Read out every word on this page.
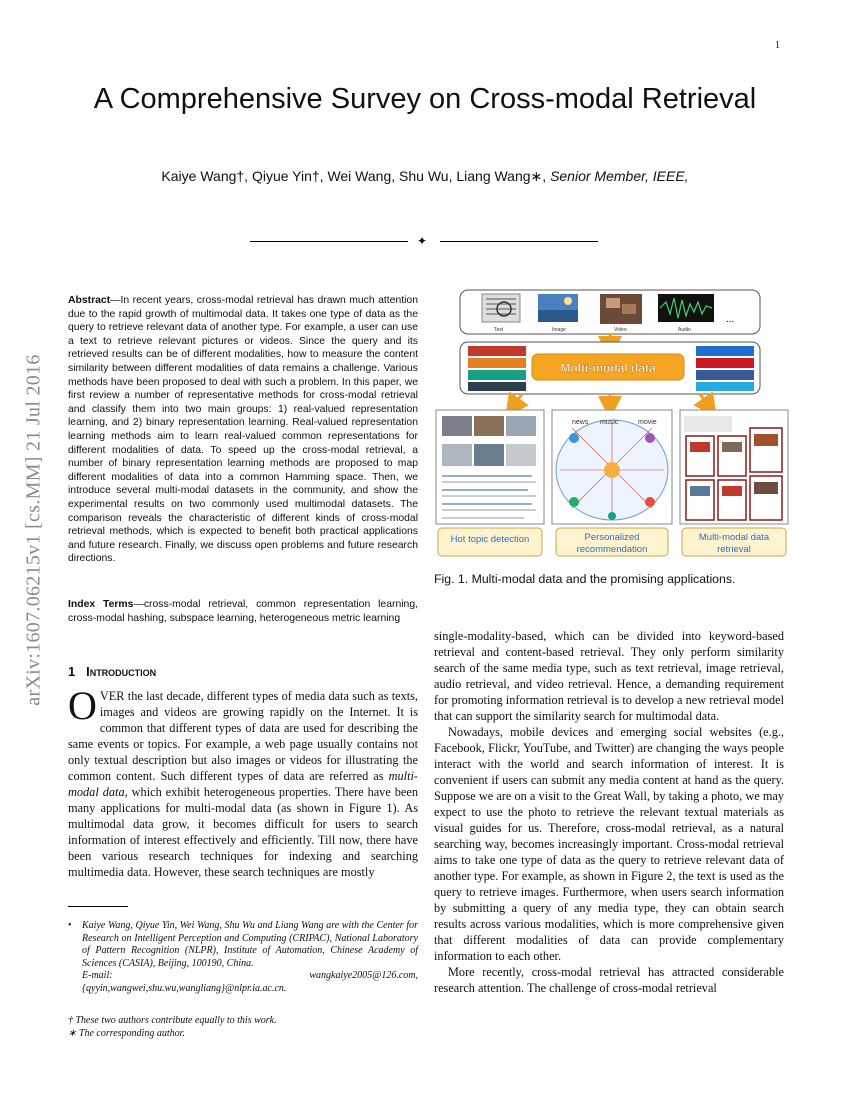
1
A Comprehensive Survey on Cross-modal Retrieval
Kaiye Wang†, Qiyue Yin†, Wei Wang, Shu Wu, Liang Wang∗, Senior Member, IEEE,
✦
arXiv:1607.06215v1 [cs.MM] 21 Jul 2016
Abstract—In recent years, cross-modal retrieval has drawn much attention due to the rapid growth of multimodal data. It takes one type of data as the query to retrieve relevant data of another type. For example, a user can use a text to retrieve relevant pictures or videos. Since the query and its retrieved results can be of different modalities, how to measure the content similarity between different modalities of data remains a challenge. Various methods have been proposed to deal with such a problem. In this paper, we first review a number of representative methods for cross-modal retrieval and classify them into two main groups: 1) real-valued representation learning, and 2) binary representation learning. Real-valued representation learning methods aim to learn real-valued common representations for different modalities of data. To speed up the cross-modal retrieval, a number of binary representation learning methods are proposed to map different modalities of data into a common Hamming space. Then, we introduce several multi-modal datasets in the community, and show the experimental results on two commonly used multimodal datasets. The comparison reveals the characteristic of different kinds of cross-modal retrieval methods, which is expected to benefit both practical applications and future research. Finally, we discuss open problems and future research directions.
Index Terms—cross-modal retrieval, common representation learning, cross-modal hashing, subspace learning, heterogeneous metric learning
1 Introduction
OVER the last decade, different types of media data such as texts, images and videos are growing rapidly on the Internet. It is common that different types of data are used for describing the same events or topics. For example, a web page usually contains not only textual description but also images or videos for illustrating the common content. Such different types of data are referred as multi-modal data, which exhibit heterogeneous properties. There have been many applications for multi-modal data (as shown in Figure 1). As multimodal data grow, it becomes difficult for users to search information of interest effectively and efficiently. Till now, there have been various research techniques for indexing and searching multimedia data. However, these search techniques are mostly
• Kaiye Wang, Qiyue Yin, Wei Wang, Shu Wu and Liang Wang are with the Center for Research on Intelligent Perception and Computing (CRIPAC), National Laboratory of Pattern Recognition (NLPR), Institute of Automation, Chinese Academy of Sciences (CASIA), Beijing, 100190, China.
E-mail: wangkaiye2005@126.com, {qyyin,wangwei,shu.wu,wangliang}@nlpr.ia.ac.cn.
† These two authors contribute equally to this work.
∗ The corresponding author.
Text	Image	Video	Audio
...
Multi-modal data
news music	movie
Hot topic detection	Personalized
recommendation
Multi-modal data
retrieval
Fig. 1. Multi-modal data and the promising applications.

single-modality-based, which can be divided into keyword-based retrieval and content-based retrieval. They only perform similarity search of the same media type, such as text retrieval, image retrieval, audio retrieval, and video retrieval. Hence, a demanding requirement for promoting information retrieval is to develop a new retrieval model that can support the similarity search for multimodal data.

Nowadays, mobile devices and emerging social websites (e.g., Facebook, Flickr, YouTube, and Twitter) are changing the ways people interact with the world and search information of interest. It is convenient if users can submit any media content at hand as the query. Suppose we are on a visit to the Great Wall, by taking a photo, we may expect to use the photo to retrieve the relevant textual materials as visual guides for us. Therefore, cross-modal retrieval, as a natural searching way, becomes increasingly important. Cross-modal retrieval aims to take one type of data as the query to retrieve relevant data of another type. For example, as shown in Figure 2, the text is used as the query to retrieve images. Furthermore, when users search information by submitting a query of any media type, they can obtain search results across various modalities, which is more comprehensive given that different modalities of data can provide complementary information to each other.

More recently, cross-modal retrieval has attracted considerable research attention. The challenge of cross-modal retrieval
